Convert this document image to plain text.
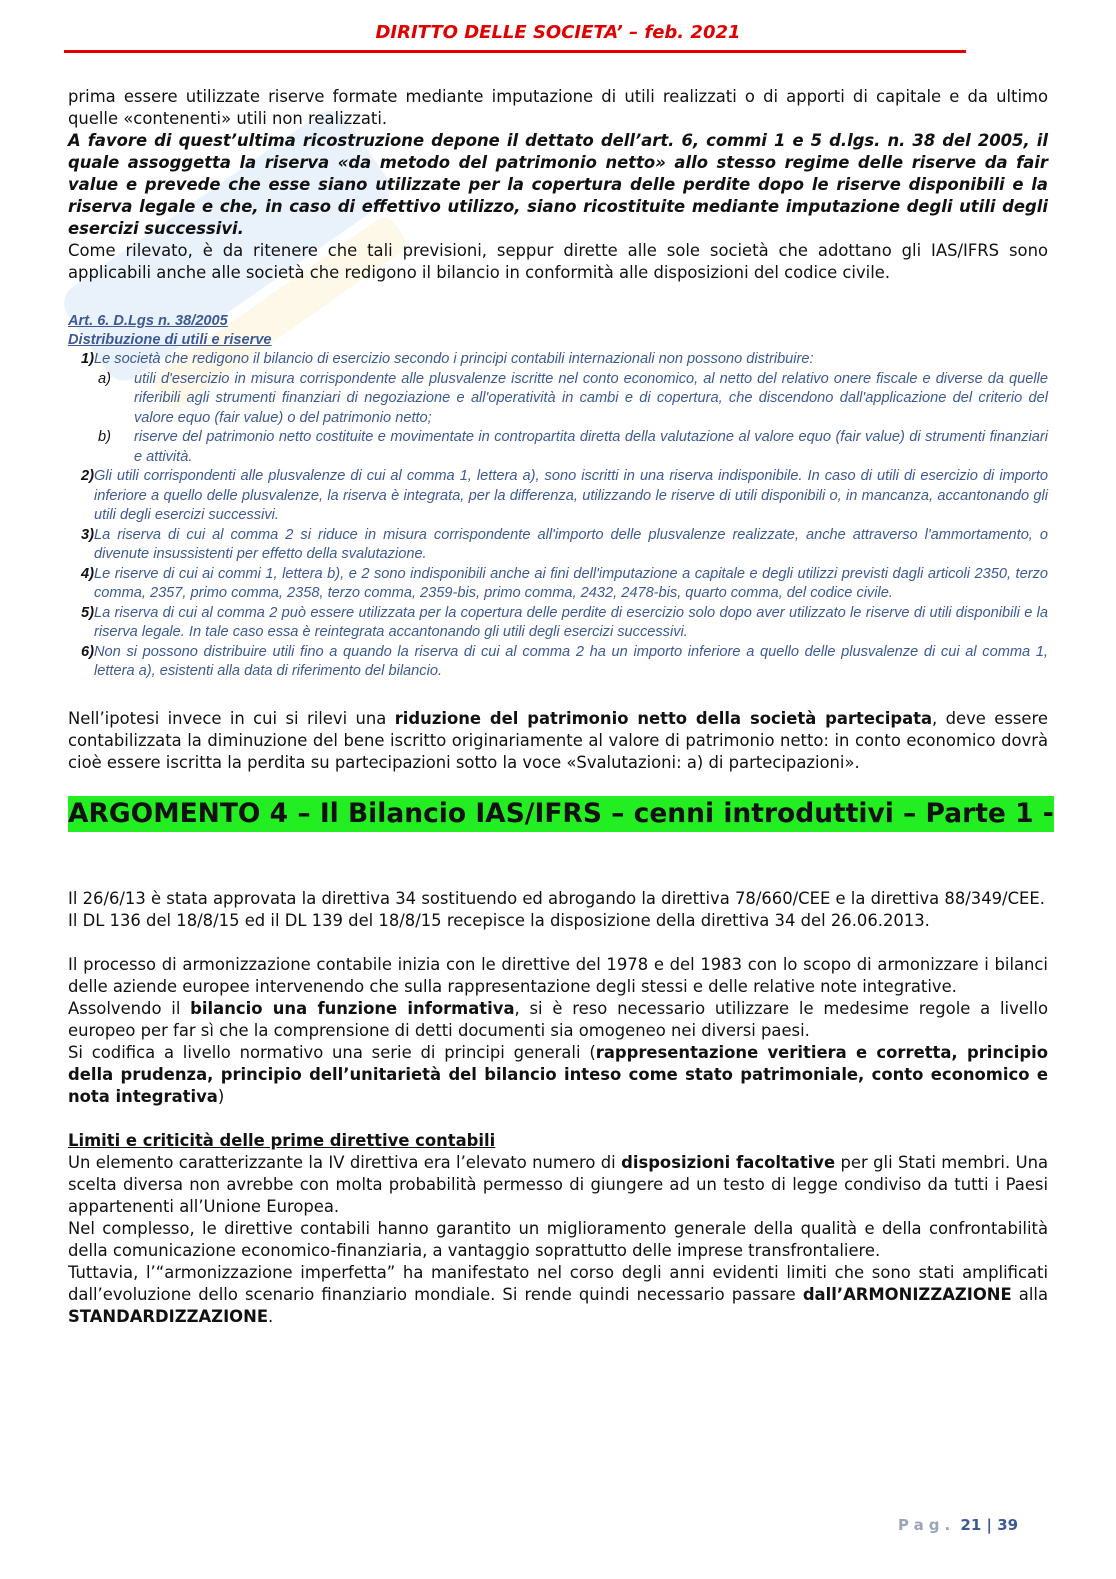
DIRITTO DELLE SOCIETA’ – feb. 2021

prima essere utilizzate riserve formate mediante imputazione di utili realizzati o di apporti di capitale e da ultimo quelle «contenenti» utili non realizzati.

A favore di quest’ultima ricostruzione depone il dettato dell’art. 6, commi 1 e 5 d.lgs. n. 38 del 2005, il quale assoggetta la riserva «da metodo del patrimonio netto» allo stesso regime delle riserve da fair value e prevede che esse siano utilizzate per la copertura delle perdite dopo le riserve disponibili e la riserva legale e che, in caso di effettivo utilizzo, siano ricostituite mediante imputazione degli utili degli esercizi successivi.

Come rilevato, è da ritenere che tali previsioni, seppur dirette alle sole società che adottano gli IAS/IFRS sono applicabili anche alle società che redigono il bilancio in conformità alle disposizioni del codice civile.

Art. 6. D.Lgs n. 38/2005

Distribuzione di utili e riserve

1) Le società che redigono il bilancio di esercizio secondo i principi contabili internazionali non possono distribuire:
a)	utili d'esercizio in misura corrispondente alle plusvalenze iscritte nel conto economico, al netto del relativo onere fiscale e diverse da quelle riferibili agli strumenti finanziari di negoziazione e all'operatività in cambi e di copertura, che discendono dall'applicazione del criterio del valore equo (fair value) o del patrimonio netto;
b)	riserve del patrimonio netto costituite e movimentate in contropartita diretta della valutazione al valore equo (fair value) di strumenti finanziari e attività.
2) Gli utili corrispondenti alle plusvalenze di cui al comma 1, lettera a), sono iscritti in una riserva indisponibile. In caso di utili di esercizio di importo inferiore a quello delle plusvalenze, la riserva è integrata, per la differenza, utilizzando le riserve di utili disponibili o, in mancanza, accantonando gli utili degli esercizi successivi.
3) La riserva di cui al comma 2 si riduce in misura corrispondente all'importo delle plusvalenze realizzate, anche attraverso l'ammortamento, o divenute insussistenti per effetto della svalutazione.
4) Le riserve di cui ai commi 1, lettera b), e 2 sono indisponibili anche ai fini dell'imputazione a capitale e degli utilizzi previsti dagli articoli 2350, terzo comma, 2357, primo comma, 2358, terzo comma, 2359-bis, primo comma, 2432, 2478-bis, quarto comma, del codice civile.
5) La riserva di cui al comma 2 può essere utilizzata per la copertura delle perdite di esercizio solo dopo aver utilizzato le riserve di utili disponibili e la riserva legale. In tale caso essa è reintegrata accantonando gli utili degli esercizi successivi.
6) Non si possono distribuire utili fino a quando la riserva di cui al comma 2 ha un importo inferiore a quello delle plusvalenze di cui al comma 1, lettera a), esistenti alla data di riferimento del bilancio.

Nell’ipotesi invece in cui si rilevi una riduzione del patrimonio netto della società partecipata, deve essere contabilizzata la diminuzione del bene iscritto originariamente al valore di patrimonio netto: in conto economico dovrà cioè essere iscritta la perdita su partecipazioni sotto la voce «Svalutazioni: a) di partecipazioni».

ARGOMENTO 4 – Il Bilancio IAS/IFRS – cenni introduttivi – Parte 1 -

Il 26/6/13 è stata approvata la direttiva 34 sostituendo ed abrogando la direttiva 78/660/CEE e la direttiva 88/349/CEE.

Il DL 136 del 18/8/15 ed il DL 139 del 18/8/15 recepisce la disposizione della direttiva 34 del 26.06.2013.

Il processo di armonizzazione contabile inizia con le direttive del 1978 e del 1983 con lo scopo di armonizzare i bilanci delle aziende europee intervenendo che sulla rappresentazione degli stessi e delle relative note integrative.

Assolvendo il bilancio una funzione informativa, si è reso necessario utilizzare le medesime regole a livello europeo per far sì che la comprensione di detti documenti sia omogeneo nei diversi paesi.

Si codifica a livello normativo una serie di principi generali (rappresentazione veritiera e corretta, principio della prudenza, principio dell’unitarietà del bilancio inteso come stato patrimoniale, conto economico e nota integrativa)

Limiti e criticità delle prime direttive contabili

Un elemento caratterizzante la IV direttiva era l’elevato numero di disposizioni facoltative per gli Stati membri. Una scelta diversa non avrebbe con molta probabilità permesso di giungere ad un testo di legge condiviso da tutti i Paesi appartenenti all’Unione Europea.

Nel complesso, le direttive contabili hanno garantito un miglioramento generale della qualità e della confrontabilità della comunicazione economico-finanziaria, a vantaggio soprattutto delle imprese transfrontaliere.

Tuttavia, l’“armonizzazione imperfetta” ha manifestato nel corso degli anni evidenti limiti che sono stati amplificati dall’evoluzione dello scenario finanziario mondiale. Si rende quindi necessario passare dall’ARMONIZZAZIONE alla STANDARDIZZAZIONE.

Pag. 21 | 39
